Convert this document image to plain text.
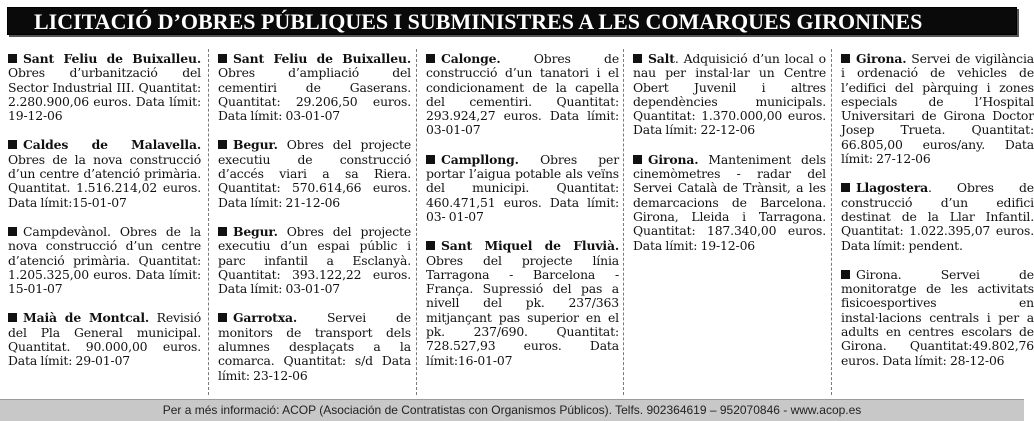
LICITACIÓ D’OBRES PÚBLIQUES I SUBMINISTRES A LES COMARQUES GIRONINES

Sant Feliu de Buixalleu. Obres d’urbanització del Sector Industrial III. Quantitat: 2.280.900,06 euros. Data límit: 19-12-06

Caldes de Malavella. Obres de la nova construcció d’un centre d’atenció primària. Quantitat. 1.516.214,02 euros. Data límit:15-01-07

Campdevànol. Obres de la nova construcció d’un centre d’atenció primària. Quantitat: 1.205.325,00 euros. Data límit: 15-01-07

Maià de Montcal. Revisió del Pla General municipal. Quantitat. 90.000,00 euros. Data límit: 29-01-07

Sant Feliu de Buixalleu. Obres d’ampliació del cementiri de Gaserans. Quantitat: 29.206,50 euros. Data límit: 03-01-07

Begur. Obres del projecte executiu de construcció d’accés viari a sa Riera. Quantitat: 570.614,66 euros. Data límit: 21-12-06

Begur. Obres del projecte executiu d’un espai públic i parc infantil a Esclanyà. Quantitat: 393.122,22 euros. Data límit: 03-01-07

Garrotxa. Servei de monitors de transport dels alumnes desplaçats a la comarca. Quantitat: s/d Data límit: 23-12-06

Calonge. Obres de construcció d’un tanatori i el condicionament de la capella del cementiri. Quantitat: 293.924,27 euros. Data límit: 03-01-07

Campllong. Obres per portar l’aigua potable als veïns del municipi. Quantitat: 460.471,51 euros. Data límit: 03- 01-07

Sant Miquel de Fluvià. Obres del projecte línia Tarragona - Barcelona - França. Supressió del pas a nivell del pk. 237/363 mitjançant pas superior en el pk. 237/690. Quantitat: 728.527,93 euros. Data límit:16-01-07

Salt. Adquisició d’un local o nau per instal·lar un Centre Obert Juvenil i altres dependències municipals. Quantitat: 1.370.000,00 euros. Data límit: 22-12-06

Girona. Manteniment dels cinemòmetres - radar del Servei Català de Trànsit, a les demarcacions de Barcelona. Girona, Lleida i Tarragona. Quantitat: 187.340,00 euros. Data límit: 19-12-06

Girona. Servei de vigilància i ordenació de vehicles de l’edifici del pàrquing i zones especials de l’Hospital Universitari de Girona Doctor Josep Trueta. Quantitat: 66.805,00 euros/any. Data límit: 27-12-06

Llagostera. Obres de construcció d’un edifici destinat de la Llar Infantil. Quantitat: 1.022.395,07 euros. Data límit: pendent.

Girona. Servei de monitoratge de les activitats fisicoesportives en instal·lacions centrals i per a adults en centres escolars de Girona. Quantitat:49.802,76 euros. Data límit: 28-12-06

Per a més informació: ACOP (Asociación de Contratistas con Organismos Públicos). Telfs. 902364619 – 952070846 - www.acop.es
